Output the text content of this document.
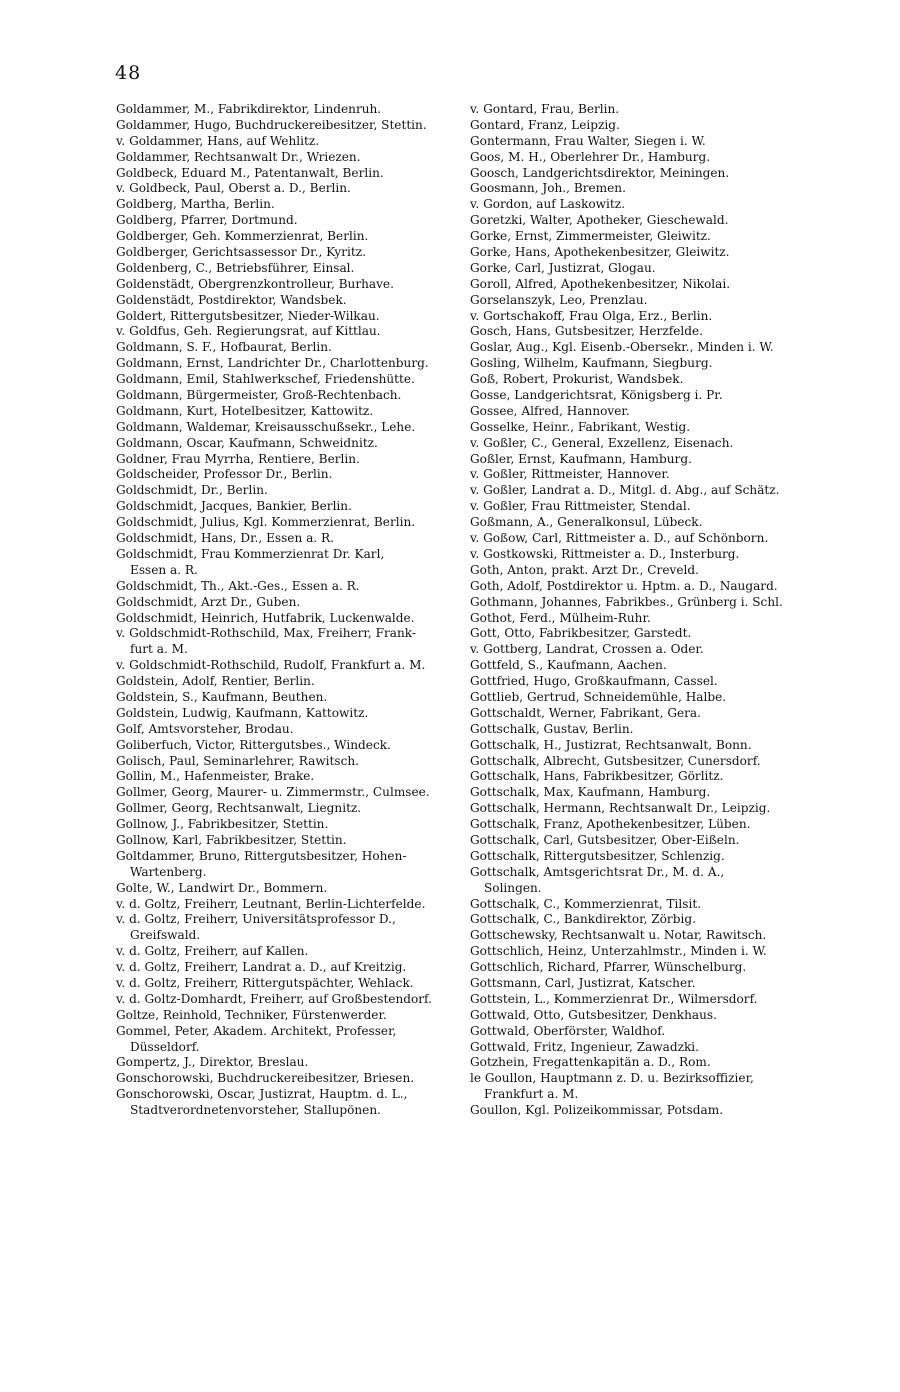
48
Goldammer, M., Fabrikdirektor, Lindenruh.
Goldammer, Hugo, Buchdruckereibesitzer, Stettin.
v. Goldammer, Hans, auf Wehlitz.
Goldammer, Rechtsanwalt Dr., Wriezen.
Goldbeck, Eduard M., Patentanwalt, Berlin.
v. Goldbeck, Paul, Oberst a. D., Berlin.
Goldberg, Martha, Berlin.
Goldberg, Pfarrer, Dortmund.
Goldberger, Geh. Kommerzienrat, Berlin.
Goldberger, Gerichtsassessor Dr., Kyritz.
Goldenberg, C., Betriebsführer, Einsal.
Goldenstädt, Obergrenzkontrolleur, Burhave.
Goldenstädt, Postdirektor, Wandsbek.
Goldert, Rittergutsbesitzer, Nieder-Wilkau.
v. Goldfus, Geh. Regierungsrat, auf Kittlau.
Goldmann, S. F., Hofbaurat, Berlin.
Goldmann, Ernst, Landrichter Dr., Charlottenburg.
Goldmann, Emil, Stahlwerkschef, Friedenshütte.
Goldmann, Bürgermeister, Groß-Rechtenbach.
Goldmann, Kurt, Hotelbesitzer, Kattowitz.
Goldmann, Waldemar, Kreisausschußsekr., Lehe.
Goldmann, Oscar, Kaufmann, Schweidnitz.
Goldner, Frau Myrrha, Rentiere, Berlin.
Goldscheider, Professor Dr., Berlin.
Goldschmidt, Dr., Berlin.
Goldschmidt, Jacques, Bankier, Berlin.
Goldschmidt, Julius, Kgl. Kommerzienrat, Berlin.
Goldschmidt, Hans, Dr., Essen a. R.
Goldschmidt, Frau Kommerzienrat Dr. Karl,
Essen a. R.
Goldschmidt, Th., Akt.-Ges., Essen a. R.
Goldschmidt, Arzt Dr., Guben.
Goldschmidt, Heinrich, Hutfabrik, Luckenwalde.
v. Goldschmidt-Rothschild, Max, Freiherr, Frank-
furt a. M.
v. Goldschmidt-Rothschild, Rudolf, Frankfurt a. M.
Goldstein, Adolf, Rentier, Berlin.
Goldstein, S., Kaufmann, Beuthen.
Goldstein, Ludwig, Kaufmann, Kattowitz.
Golf, Amtsvorsteher, Brodau.
Goliberfuch, Victor, Rittergutsbes., Windeck.
Golisch, Paul, Seminarlehrer, Rawitsch.
Gollin, M., Hafenmeister, Brake.
Gollmer, Georg, Maurer- u. Zimmermstr., Culmsee.
Gollmer, Georg, Rechtsanwalt, Liegnitz.
Gollnow, J., Fabrikbesitzer, Stettin.
Gollnow, Karl, Fabrikbesitzer, Stettin.
Goltdammer, Bruno, Rittergutsbesitzer, Hohen-
Wartenberg.
Golte, W., Landwirt Dr., Bommern.
v. d. Goltz, Freiherr, Leutnant, Berlin-Lichterfelde.
v. d. Goltz, Freiherr, Universitätsprofessor D.,
Greifswald.
v. d. Goltz, Freiherr, auf Kallen.
v. d. Goltz, Freiherr, Landrat a. D., auf Kreitzig.
v. d. Goltz, Freiherr, Rittergutspächter, Wehlack.
v. d. Goltz-Domhardt, Freiherr, auf Großbestendorf.
Goltze, Reinhold, Techniker, Fürstenwerder.
Gommel, Peter, Akadem. Architekt, Professer,
Düsseldorf.
Gompertz, J., Direktor, Breslau.
Gonschorowski, Buchdruckereibesitzer, Briesen.
Gonschorowski, Oscar, Justizrat, Hauptm. d. L.,
Stadtverordnetenvorsteher, Stallupönen.
v. Gontard, Frau, Berlin.
Gontard, Franz, Leipzig.
Gontermann, Frau Walter, Siegen i. W.
Goos, M. H., Oberlehrer Dr., Hamburg.
Goosch, Landgerichtsdirektor, Meiningen.
Goosmann, Joh., Bremen.
v. Gordon, auf Laskowitz.
Goretzki, Walter, Apotheker, Gieschewald.
Gorke, Ernst, Zimmermeister, Gleiwitz.
Gorke, Hans, Apothekenbesitzer, Gleiwitz.
Gorke, Carl, Justizrat, Glogau.
Goroll, Alfred, Apothekenbesitzer, Nikolai.
Gorselanszyk, Leo, Prenzlau.
v. Gortschakoff, Frau Olga, Erz., Berlin.
Gosch, Hans, Gutsbesitzer, Herzfelde.
Goslar, Aug., Kgl. Eisenb.-Obersekr., Minden i. W.
Gosling, Wilhelm, Kaufmann, Siegburg.
Goß, Robert, Prokurist, Wandsbek.
Gosse, Landgerichtsrat, Königsberg i. Pr.
Gossee, Alfred, Hannover.
Gosselke, Heinr., Fabrikant, Westig.
v. Goßler, C., General, Exzellenz, Eisenach.
Goßler, Ernst, Kaufmann, Hamburg.
v. Goßler, Rittmeister, Hannover.
v. Goßler, Landrat a. D., Mitgl. d. Abg., auf Schätz.
v. Goßler, Frau Rittmeister, Stendal.
Goßmann, A., Generalkonsul, Lübeck.
v. Goßow, Carl, Rittmeister a. D., auf Schönborn.
v. Gostkowski, Rittmeister a. D., Insterburg.
Goth, Anton, prakt. Arzt Dr., Creveld.
Goth, Adolf, Postdirektor u. Hptm. a. D., Naugard.
Gothmann, Johannes, Fabrikbes., Grünberg i. Schl.
Gothot, Ferd., Mülheim-Ruhr.
Gott, Otto, Fabrikbesitzer, Garstedt.
v. Gottberg, Landrat, Crossen a. Oder.
Gottfeld, S., Kaufmann, Aachen.
Gottfried, Hugo, Großkaufmann, Cassel.
Gottlieb, Gertrud, Schneidemühle, Halbe.
Gottschaldt, Werner, Fabrikant, Gera.
Gottschalk, Gustav, Berlin.
Gottschalk, H., Justizrat, Rechtsanwalt, Bonn.
Gottschalk, Albrecht, Gutsbesitzer, Cunersdorf.
Gottschalk, Hans, Fabrikbesitzer, Görlitz.
Gottschalk, Max, Kaufmann, Hamburg.
Gottschalk, Hermann, Rechtsanwalt Dr., Leipzig.
Gottschalk, Franz, Apothekenbesitzer, Lüben.
Gottschalk, Carl, Gutsbesitzer, Ober-Eißeln.
Gottschalk, Rittergutsbesitzer, Schlenzig.
Gottschalk, Amtsgerichtsrat Dr., M. d. A.,
Solingen.
Gottschalk, C., Kommerzienrat, Tilsit.
Gottschalk, C., Bankdirektor, Zörbig.
Gottschewsky, Rechtsanwalt u. Notar, Rawitsch.
Gottschlich, Heinz, Unterzahlmstr., Minden i. W.
Gottschlich, Richard, Pfarrer, Wünschelburg.
Gottsmann, Carl, Justizrat, Katscher.
Gottstein, L., Kommerzienrat Dr., Wilmersdorf.
Gottwald, Otto, Gutsbesitzer, Denkhaus.
Gottwald, Oberförster, Waldhof.
Gottwald, Fritz, Ingenieur, Zawadzki.
Gotzhein, Fregattenkapitän a. D., Rom.
le Goullon, Hauptmann z. D. u. Bezirksoffizier,
Frankfurt a. M.
Goullon, Kgl. Polizeikommissar, Potsdam.
